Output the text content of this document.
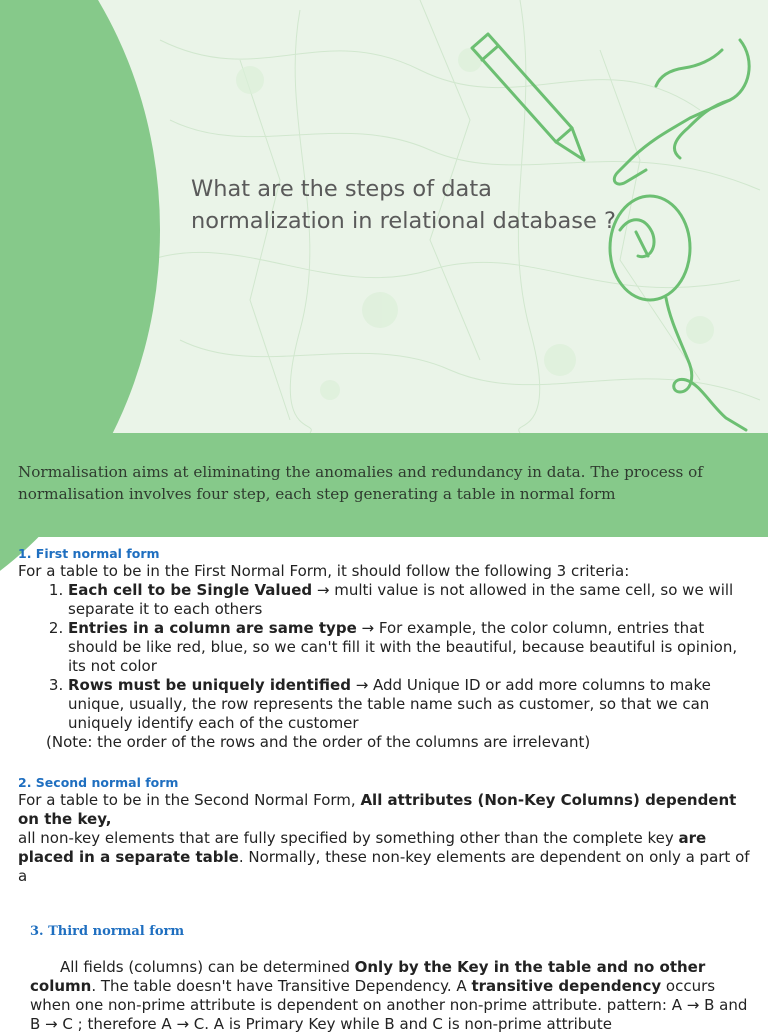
What are the steps of data
normalization in relational database ?
Normalisation aims at eliminating the anomalies and redundancy in data. The process of normalisation involves four step, each step generating a table in normal form
1. First normal form
For a table to be in the First Normal Form, it should follow the following 3 criteria:
1. Each cell to be Single Valued → multi value is not allowed in the same cell, so we will separate it to each others
2. Entries in a column are same type → For example, the color column, entries that should be like red, blue, so we can't fill it with the beautiful, because beautiful is opinion, its not color
3. Rows must be uniquely identified → Add Unique ID or add more columns to make unique, usually, the row represents the table name such as customer, so that we can uniquely identify each of the customer
(Note: the order of the rows and the order of the columns are irrelevant)
2. Second normal form
For a table to be in the Second Normal Form, All attributes (Non-Key Columns) dependent on the key,
all non-key elements that are fully specified by something other than the complete key are placed in a separate table. Normally, these non-key elements are dependent on only a part of a
3. Third normal form
All fields (columns) can be determined Only by the Key in the table and no other column. The table doesn't have Transitive Dependency. A transitive dependency occurs when one non-prime attribute is dependent on another non-prime attribute. pattern: A → B and B → C ; therefore A → C. A is Primary Key while B and C is non-prime attribute
